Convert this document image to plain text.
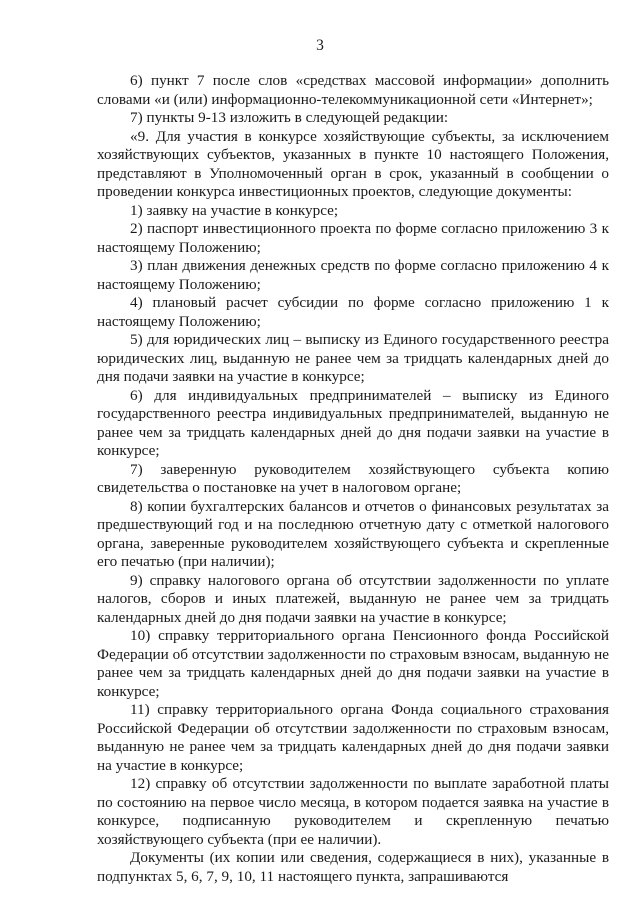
3

6) пункт 7 после слов «средствах массовой информации» дополнить словами «и (или) информационно-телекоммуникационной сети «Интернет»;

7) пункты 9-13 изложить в следующей редакции:

«9. Для участия в конкурсе хозяйствующие субъекты, за исключением хозяйствующих субъектов, указанных в пункте 10 настоящего Положения, представляют в Уполномоченный орган в срок, указанный в сообщении о проведении конкурса инвестиционных проектов, следующие документы:

1) заявку на участие в конкурсе;

2) паспорт инвестиционного проекта по форме согласно приложению 3 к настоящему Положению;

3) план движения денежных средств по форме согласно приложению 4 к настоящему Положению;

4) плановый расчет субсидии по форме согласно приложению 1 к настоящему Положению;

5) для юридических лиц – выписку из Единого государственного реестра юридических лиц, выданную не ранее чем за тридцать календарных дней до дня подачи заявки на участие в конкурсе;

6) для индивидуальных предпринимателей – выписку из Единого государственного реестра индивидуальных предпринимателей, выданную не ранее чем за тридцать календарных дней до дня подачи заявки на участие в конкурсе;

7) заверенную руководителем хозяйствующего субъекта копию свидетельства о постановке на учет в налоговом органе;

8) копии бухгалтерских балансов и отчетов о финансовых результатах за предшествующий год и на последнюю отчетную дату с отметкой налогового органа, заверенные руководителем хозяйствующего субъекта и скрепленные его печатью (при наличии);

9) справку налогового органа об отсутствии задолженности по уплате налогов, сборов и иных платежей, выданную не ранее чем за тридцать календарных дней до дня подачи заявки на участие в конкурсе;

10) справку территориального органа Пенсионного фонда Российской Федерации об отсутствии задолженности по страховым взносам, выданную не ранее чем за тридцать календарных дней до дня подачи заявки на участие в конкурсе;

11) справку территориального органа Фонда социального страхования Российской Федерации об отсутствии задолженности по страховым взносам, выданную не ранее чем за тридцать календарных дней до дня подачи заявки на участие в конкурсе;

12) справку об отсутствии задолженности по выплате заработной платы по состоянию на первое число месяца, в котором подается заявка на участие в конкурсе, подписанную руководителем и скрепленную печатью хозяйствующего субъекта (при ее наличии).

Документы (их копии или сведения, содержащиеся в них), указанные в подпунктах 5, 6, 7, 9, 10, 11 настоящего пункта, запрашиваются
